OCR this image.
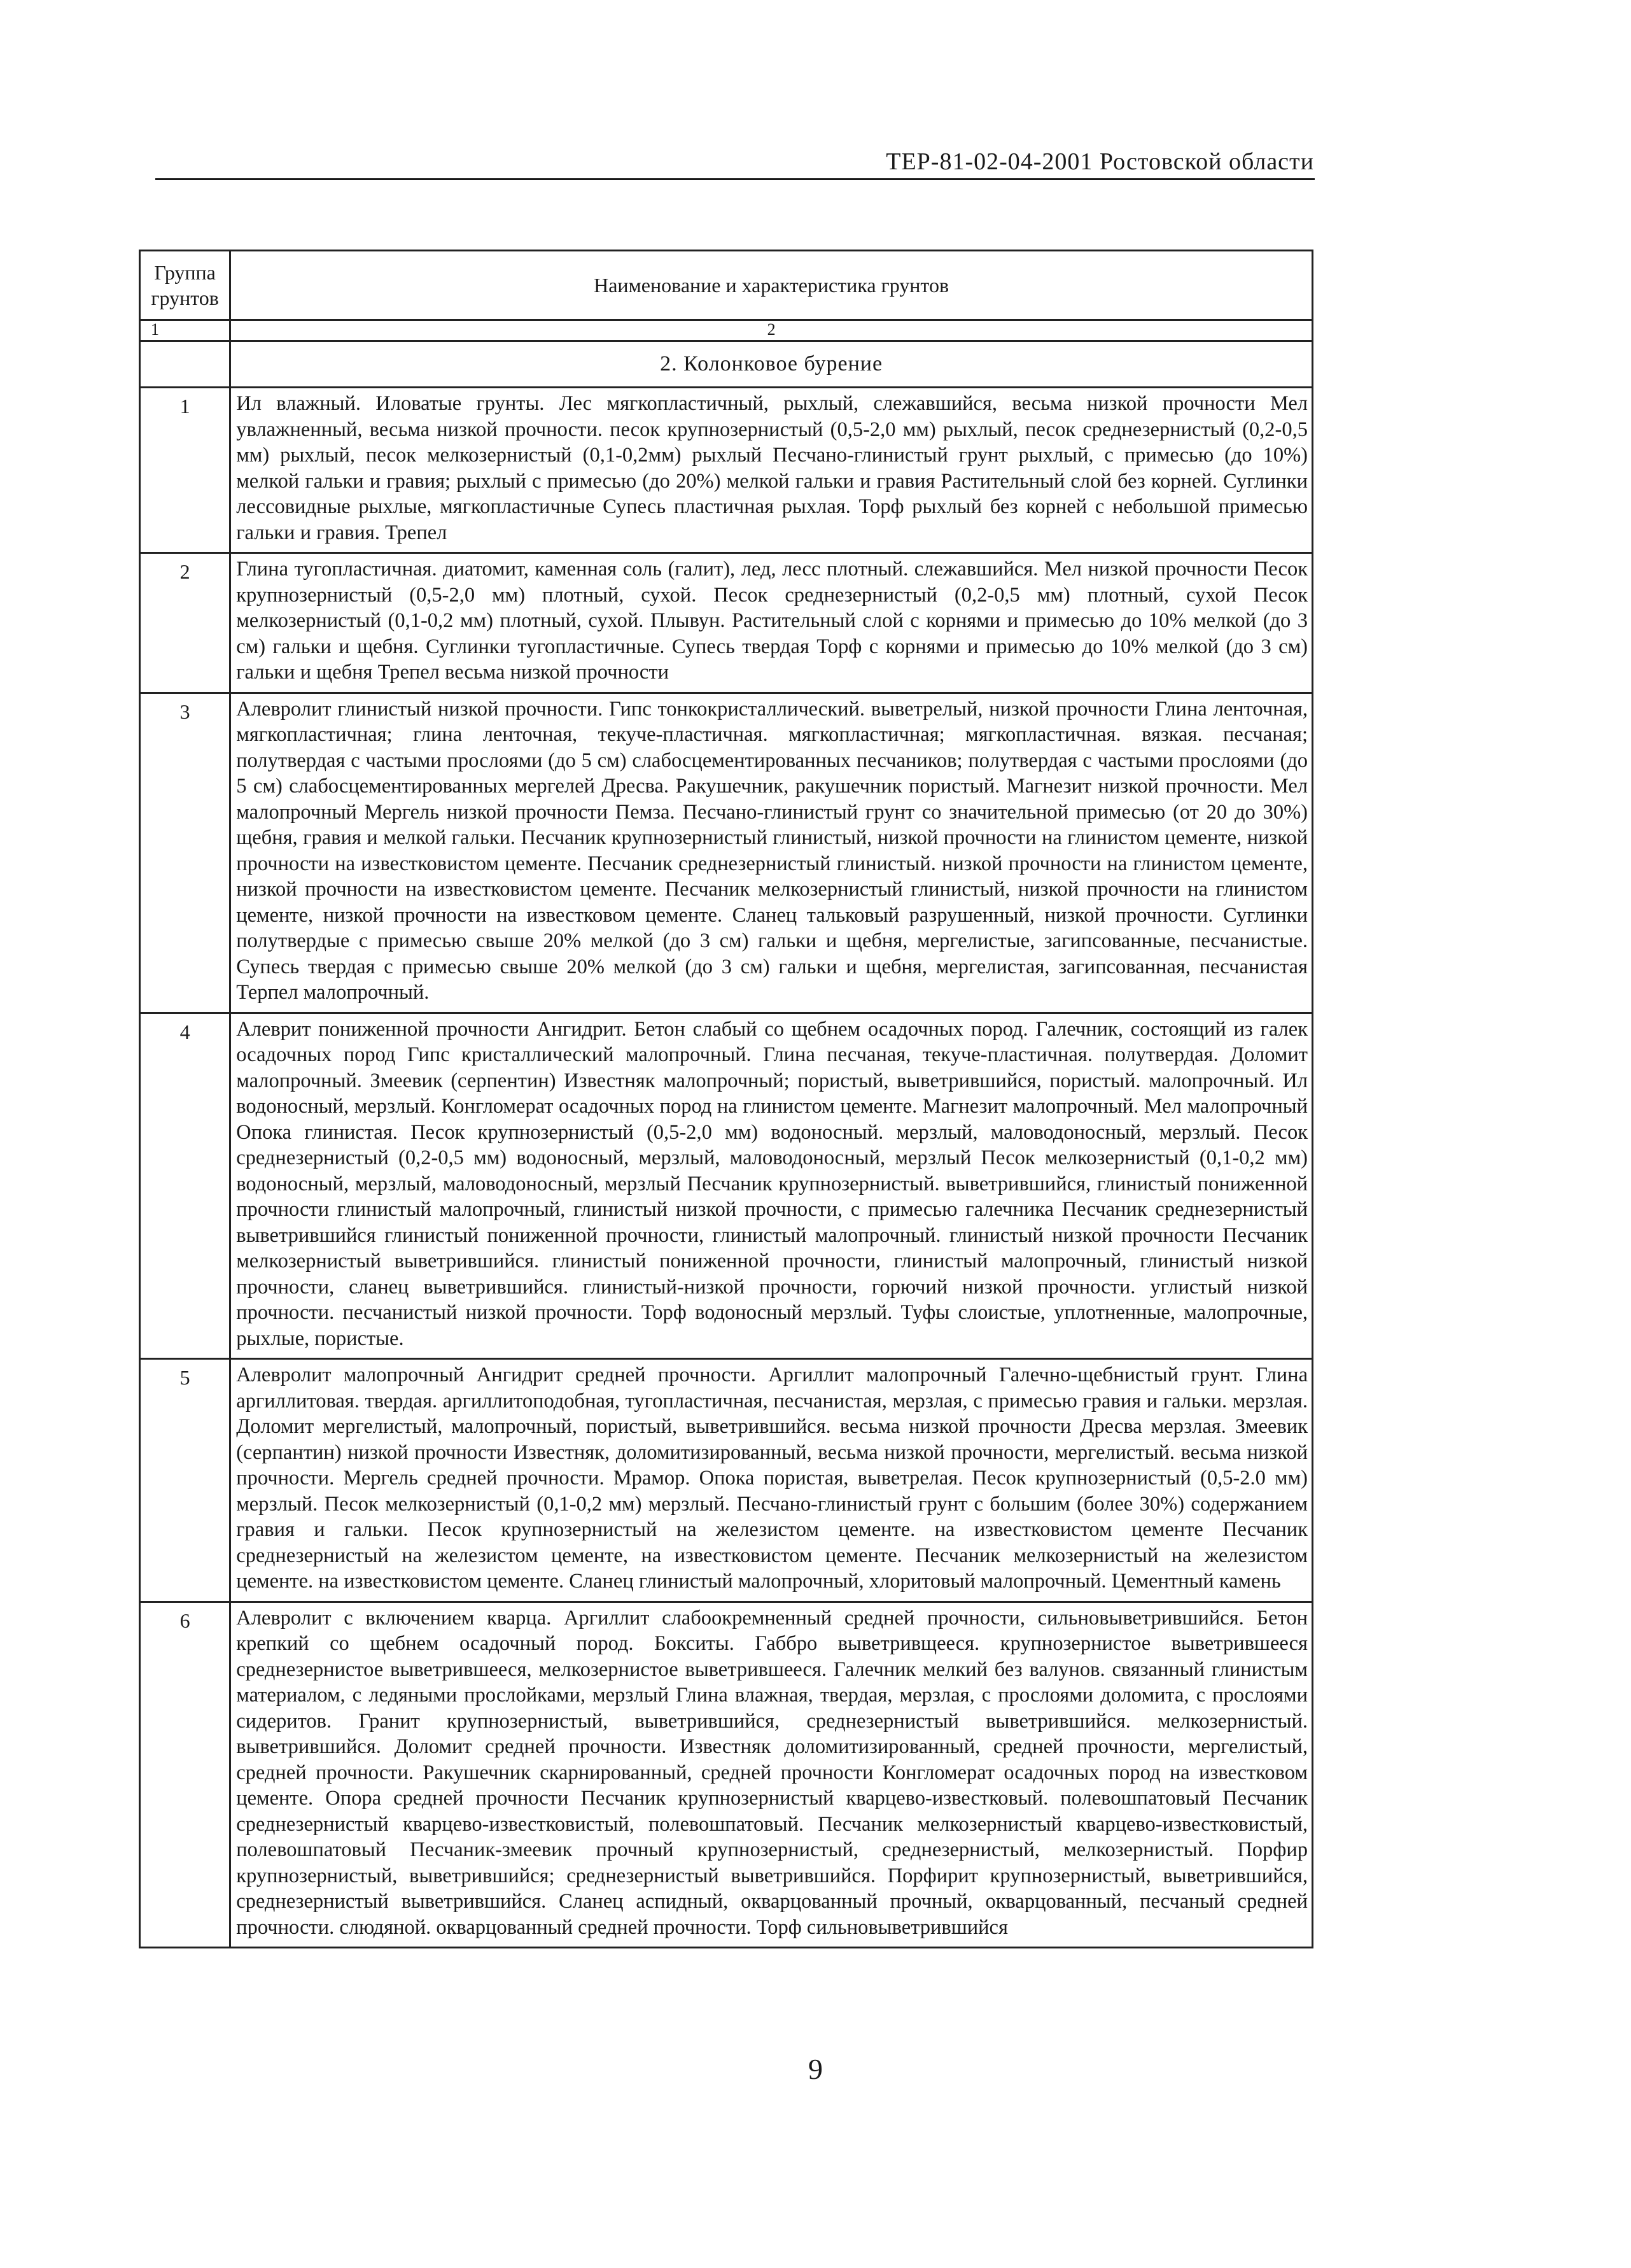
ТЕР-81-02-04-2001 Ростовской области
Группа грунтов	Наименование и характеристика грунтов
1	2
	2. Колонковое бурение
1	Ил влажный. Иловатые грунты. Лес мягкопластичный, рыхлый, слежавшийся, весьма низкой прочности Мел увлажненный, весьма низкой прочности. песок крупнозернистый (0,5-2,0 мм) рыхлый, песок среднезернистый (0,2-0,5 мм) рыхлый, песок мелкозернистый (0,1-0,2мм) рыхлый Песчано-глинистый грунт рыхлый, с примесью (до 10%) мелкой гальки и гравия; рыхлый с примесью (до 20%) мелкой гальки и гравия Растительный слой без корней. Суглинки лессовидные рыхлые, мягкопластичные Супесь пластичная рыхлая. Торф рыхлый без корней с небольшой примесью гальки и гравия. Трепел
2	Глина тугопластичная. диатомит, каменная соль (галит), лед, лесс плотный. слежавшийся. Мел низкой прочности Песок крупнозернистый (0,5-2,0 мм) плотный, сухой. Песок среднезернистый (0,2-0,5 мм) плотный, сухой Песок мелкозернистый (0,1-0,2 мм) плотный, сухой. Плывун. Растительный слой с корнями и примесью до 10% мелкой (до 3 см) гальки и щебня. Суглинки тугопластичные. Супесь твердая Торф с корнями и примесью до 10% мелкой (до 3 см) гальки и щебня Трепел весьма низкой прочности
3	Алевролит глинистый низкой прочности. Гипс тонкокристаллический. выветрелый, низкой прочности Глина ленточная, мягкопластичная; глина ленточная, текуче-пластичная. мягкопластичная; мягкопластичная. вязкая. песчаная; полутвердая с частыми прослоями (до 5 см) слабосцементированных песчаников; полутвердая с частыми прослоями (до 5 см) слабосцементированных мергелей Дресва. Ракушечник, ракушечник пористый. Магнезит низкой прочности. Мел малопрочный Мергель низкой прочности Пемза. Песчано-глинистый грунт со значительной примесью (от 20 до 30%) щебня, гравия и мелкой гальки. Песчаник крупнозернистый глинистый, низкой прочности на глинистом цементе, низкой прочности на известковистом цементе. Песчаник среднезернистый глинистый. низкой прочности на глинистом цементе, низкой прочности на известковистом цементе. Песчаник мелкозернистый глинистый, низкой прочности на глинистом цементе, низкой прочности на известковом цементе. Сланец тальковый разрушенный, низкой прочности. Суглинки полутвердые с примесью свыше 20% мелкой (до 3 см) гальки и щебня, мергелистые, загипсованные, песчанистые. Супесь твердая с примесью свыше 20% мелкой (до 3 см) гальки и щебня, мергелистая, загипсованная, песчанистая Терпел малопрочный.
4	Алеврит пониженной прочности Ангидрит. Бетон слабый со щебнем осадочных пород. Галечник, состоящий из галек осадочных пород Гипс кристаллический малопрочный. Глина песчаная, текуче-пластичная. полутвердая. Доломит малопрочный. Змеевик (серпентин) Известняк малопрочный; пористый, выветрившийся, пористый. малопрочный. Ил водоносный, мерзлый. Конгломерат осадочных пород на глинистом цементе. Магнезит малопрочный. Мел малопрочный Опока глинистая. Песок крупнозернистый (0,5-2,0 мм) водоносный. мерзлый, маловодоносный, мерзлый. Песок среднезернистый (0,2-0,5 мм) водоносный, мерзлый, маловодоносный, мерзлый Песок мелкозернистый (0,1-0,2 мм) водоносный, мерзлый, маловодоносный, мерзлый Песчаник крупнозернистый. выветрившийся, глинистый пониженной прочности глинистый малопрочный, глинистый низкой прочности, с примесью галечника Песчаник среднезернистый выветрившийся глинистый пониженной прочности, глинистый малопрочный. глинистый низкой прочности Песчаник мелкозернистый выветрившийся. глинистый пониженной прочности, глинистый малопрочный, глинистый низкой прочности, сланец выветрившийся. глинистый-низкой прочности, горючий низкой прочности. углистый низкой прочности. песчанистый низкой прочности. Торф водоносный мерзлый. Туфы слоистые, уплотненные, малопрочные, рыхлые, пористые.
5	Алевролит малопрочный Ангидрит средней прочности. Аргиллит малопрочный Галечно-щебнистый грунт. Глина аргиллитовая. твердая. аргиллитоподобная, тугопластичная, песчанистая, мерзлая, с примесью гравия и гальки. мерзлая. Доломит мергелистый, малопрочный, пористый, выветрившийся. весьма низкой прочности Дресва мерзлая. Змеевик (серпантин) низкой прочности Известняк, доломитизированный, весьма низкой прочности, мергелистый. весьма низкой прочности. Мергель средней прочности. Мрамор. Опока пористая, выветрелая. Песок крупнозернистый (0,5-2.0 мм) мерзлый. Песок мелкозернистый (0,1-0,2 мм) мерзлый. Песчано-глинистый грунт с большим (более 30%) содержанием гравия и гальки. Песок крупнозернистый на железистом цементе. на известковистом цементе Песчаник среднезернистый на железистом цементе, на известковистом цементе. Песчаник мелкозернистый на железистом цементе. на известковистом цементе. Сланец глинистый малопрочный, хлоритовый малопрочный. Цементный камень
6	Алевролит с включением кварца. Аргиллит слабоокремненный средней прочности, сильновыветрившийся. Бетон крепкий со щебнем осадочный пород. Бокситы. Габбро выветривщееся. крупнозернистое выветрившееся среднезернистое выветрившееся, мелкозернистое выветрившееся. Галечник мелкий без валунов. связанный глинистым материалом, с ледяными прослойками, мерзлый Глина влажная, твердая, мерзлая, с прослоями доломита, с прослоями сидеритов. Гранит крупнозернистый, выветрившийся, среднезернистый выветрившийся. мелкозернистый. выветрившийся. Доломит средней прочности. Известняк доломитизированный, средней прочности, мергелистый, средней прочности. Ракушечник скарнированный, средней прочности Конгломерат осадочных пород на известковом цементе. Опора средней прочности Песчаник крупнозернистый кварцево-известковый. полевошпатовый Песчаник среднезернистый кварцево-известковистый, полевошпатовый. Песчаник мелкозернистый кварцево-известковистый, полевошпатовый Песчаник-змеевик прочный крупнозернистый, среднезернистый, мелкозернистый. Порфир крупнозернистый, выветрившийся; среднезернистый выветрившийся. Порфирит крупнозернистый, выветрившийся, среднезернистый выветрившийся. Сланец аспидный, окварцованный прочный, окварцованный, песчаный средней прочности. слюдяной. окварцованный средней прочности. Торф сильновыветрившийся
9
